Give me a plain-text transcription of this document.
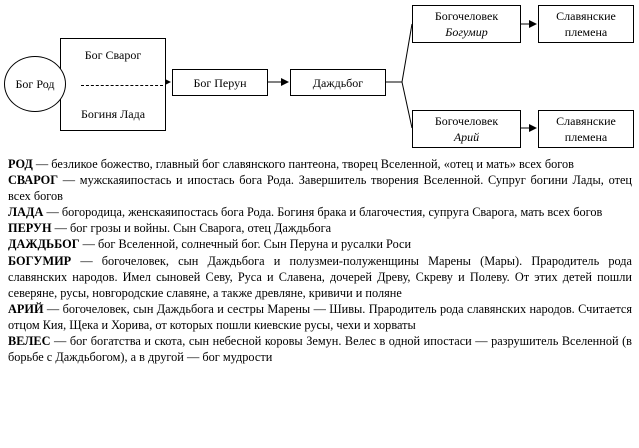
Бог Сварог
Богиня Лада
Бог Род	Бог Перун	Даждьбог
Богочеловек
Богумир
Богочеловек
Арий
Славянские племена
Славянские племена

РОД — безликое божество, главный бог славянского пантеона, творец Вселенной, «отец и мать» всех богов

СВАРОГ — мужскаяипостась и ипостась бога Рода. Завершитель творения Вселенной. Супруг богини Лады, отец всех богов

ЛАДА — богородица, женскаяипостась бога Рода. Богиня брака и благочестия, супруга Сварога, мать всех богов

ПЕРУН — бог грозы и войны. Сын Сварога, отец Даждьбога

ДАЖДЬБОГ — бог Вселенной, солнечный бог. Сын Перуна и русалки Роси

БОГУМИР — богочеловек, сын Даждьбога и полузмеи-полуженщины Марены (Мары). Прародитель рода славянских народов. Имел сыновей Севу, Руса и Славена, дочерей Древу, Скреву и Полеву. От этих детей пошли северяне, русы, новгородские славяне, а также древляне, кривичи и поляне

АРИЙ — богочеловек, сын Даждьбога и сестры Марены — Шивы. Прародитель рода славянских народов. Считается отцом Кия, Щека и Хорива, от которых пошли киевские русы, чехи и хорваты

ВЕЛЕС — бог богатства и скота, сын небесной коровы Земун. Велес в одной ипостаси — разрушитель Вселенной (в борьбе с Даждьбогом), а в другой — бог мудрости
